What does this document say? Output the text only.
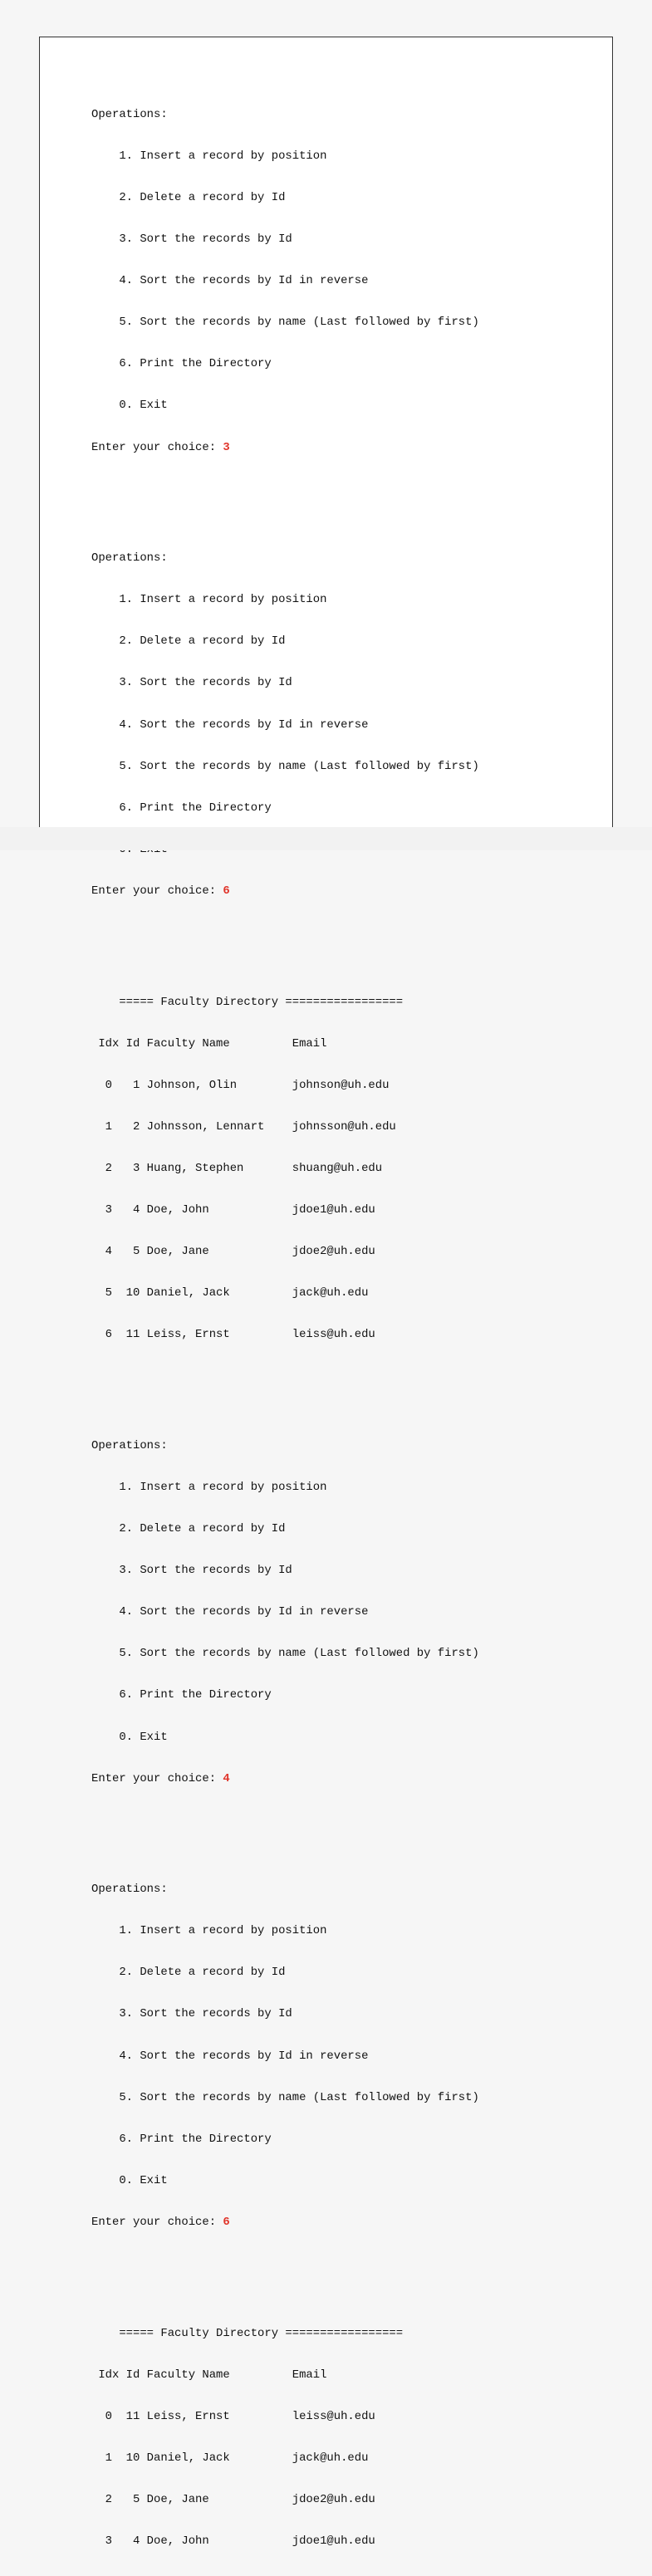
Operations:

1. Insert a record by position

2. Delete a record by Id

3. Sort the records by Id

4. Sort the records by Id in reverse

5. Sort the records by name (Last followed by first)

6. Print the Directory

0. Exit

Enter your choice: 3

Operations:

1. Insert a record by position

2. Delete a record by Id

3. Sort the records by Id

4. Sort the records by Id in reverse

5. Sort the records by name (Last followed by first)

6. Print the Directory

Enter your choice: 6

===== Faculty Directory =================

Idx Id Faculty Name         Email

0   1 Johnson, Olin        johnson@uh.edu

1   2 Johnsson, Lennart    johnsson@uh.edu

2   3 Huang, Stephen       shuang@uh.edu

3   4 Doe, John            jdoe1@uh.edu

4   5 Doe, Jane            jdoe2@uh.edu

5  10 Daniel, Jack         jack@uh.edu

6  11 Leiss, Ernst         leiss@uh.edu

Operations:

1. Insert a record by position

2. Delete a record by Id

3. Sort the records by Id

4. Sort the records by Id in reverse

5. Sort the records by name (Last followed by first)

6. Print the Directory

0. Exit

Enter your choice: 4

Operations:

1. Insert a record by position

2. Delete a record by Id

3. Sort the records by Id

4. Sort the records by Id in reverse

5. Sort the records by name (Last followed by first)

6. Print the Directory

0. Exit

Enter your choice: 6

===== Faculty Directory =================

Idx Id Faculty Name         Email

0  11 Leiss, Ernst         leiss@uh.edu

1  10 Daniel, Jack         jack@uh.edu

2   5 Doe, Jane            jdoe2@uh.edu

3   4 Doe, John            jdoe1@uh.edu
